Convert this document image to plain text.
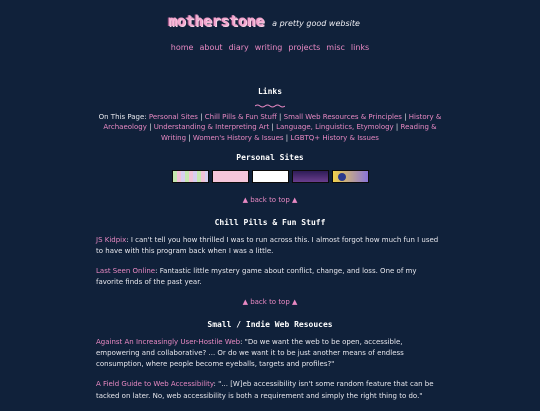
motherstone a pretty good website
home about diary writing projects misc links
Links
On This Page: Personal Sites | Chill Pills & Fun Stuff | Small Web Resources & Principles | History & Archaeology | Understanding & Interpreting Art | Language, Linguistics, Etymology | Reading & Writing | Women's History & Issues | LGBTQ+ History & Issues
Personal Sites
▲ back to top ▲
Chill Pills & Fun Stuff

JS Kidpix: I can't tell you how thrilled I was to run across this. I almost forgot how much fun I used to have with this program back when I was a little.

Last Seen Online: Fantastic little mystery game about conflict, change, and loss. One of my favorite finds of the past year.

▲ back to top ▲
Small / Indie Web Resouces

Against An Increasingly User-Hostile Web: "Do we want the web to be open, accessible, empowering and collaborative? ... Or do we want it to be just another means of endless consumption, where people become eyeballs, targets and profiles?"

A Field Guide to Web Accessibility: "... [W]eb accessibility isn't some random feature that can be tacked on later. No, web accessibility is both a requirement and simply the right thing to do."
